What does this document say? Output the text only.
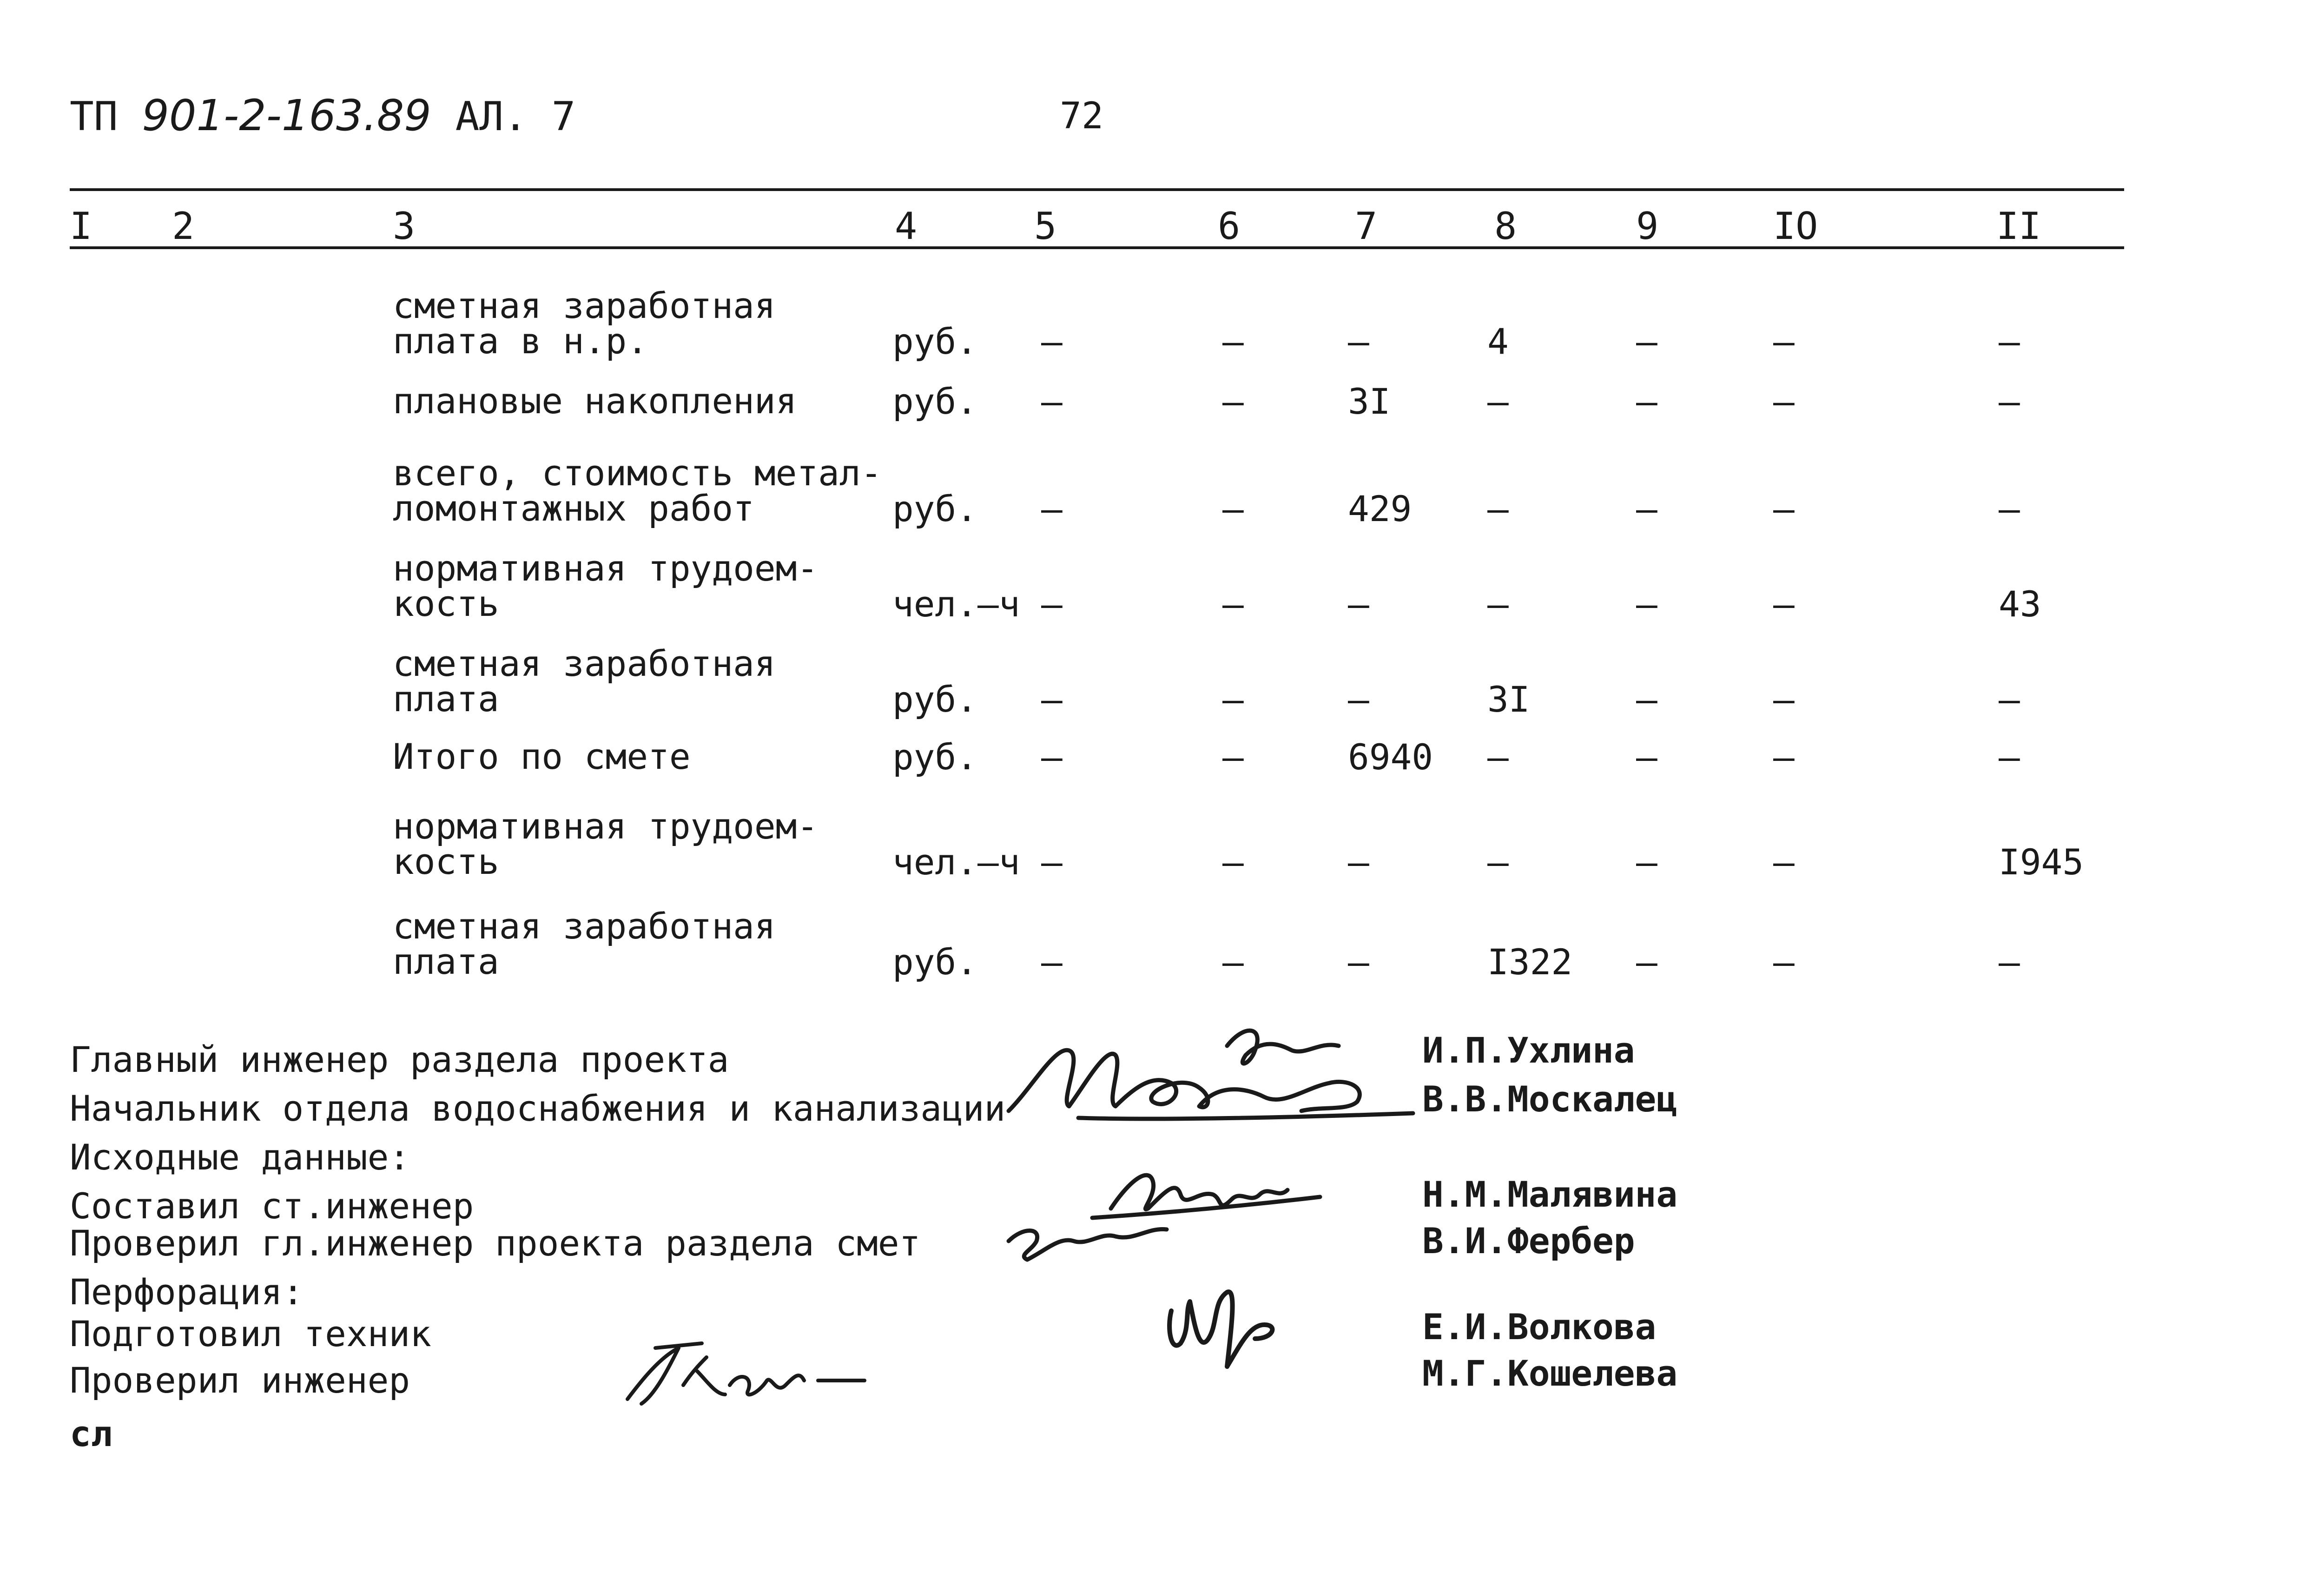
ТП 901-2-163.89 АЛ. 7	72
I 2	3	4	5	6	7	8	9	IO	II
сметная заработная
плата в н.р.	руб. –	–	–	4	–	–	–
плановые накопления	руб. –	–	3I	–	–	–	–
всего, стоимость метал-
ломонтажных работ	руб. –	–	429 –	–	–	–
нормативная трудоем-
кость	чел.–ч –	–	–	–	–	–	43
сметная заработная
плата	руб. –	–	–	3I	–	–	–
Итого по смете	руб. –	–	6940 –	–	–	–
нормативная трудоем-
кость	чел.–ч –	–	–	–	–	–	I945
сметная заработная
плата	руб. –	–	–	I322 –	–	–
Главный инженер раздела проекта
Начальник отдела водоснабжения и канализации
Исходные данные:
Составил ст.инженер
Проверил гл.инженер проекта раздела смет
Перфорация:
Подготовил техник
Проверил инженер
сл
И.П.Ухлина
В.В.Москалец
Н.М.Малявина
В.И.Фербер
Е.И.Волкова
М.Г.Кошелева
